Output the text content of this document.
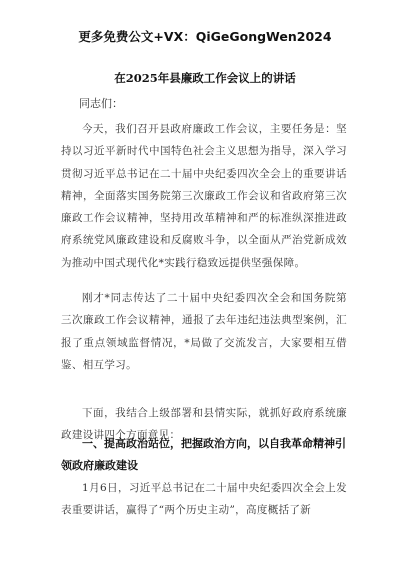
更多免费公文+VX：QiGeGongWen2024
在2025年县廉政工作会议上的讲话
同志们：
今天，我们召开县政府廉政工作会议，主要任务是：坚持以习近平新时代中国特色社会主义思想为指导，深入学习贯彻习近平总书记在二十届中央纪委四次全会上的重要讲话精神，全面落实国务院第三次廉政工作会议和省政府第三次廉政工作会议精神，坚持用改革精神和严的标准纵深推进政府系统党风廉政建设和反腐败斗争，以全面从严治党新成效为推动中国式现代化*实践行稳致远提供坚强保障。
刚才*同志传达了二十届中央纪委四次全会和国务院第三次廉政工作会议精神，通报了去年违纪违法典型案例，汇报了重点领域监督情况，*局做了交流发言，大家要相互借鉴、相互学习。
下面，我结合上级部署和县情实际，就抓好政府系统廉政建设讲四个方面意见：
一、提高政治站位，把握政治方向，以自我革命精神引领政府廉政建设
1月6日，习近平总书记在二十届中央纪委四次全会上发表重要讲话，赢得了“两个历史主动”，高度概括了新
